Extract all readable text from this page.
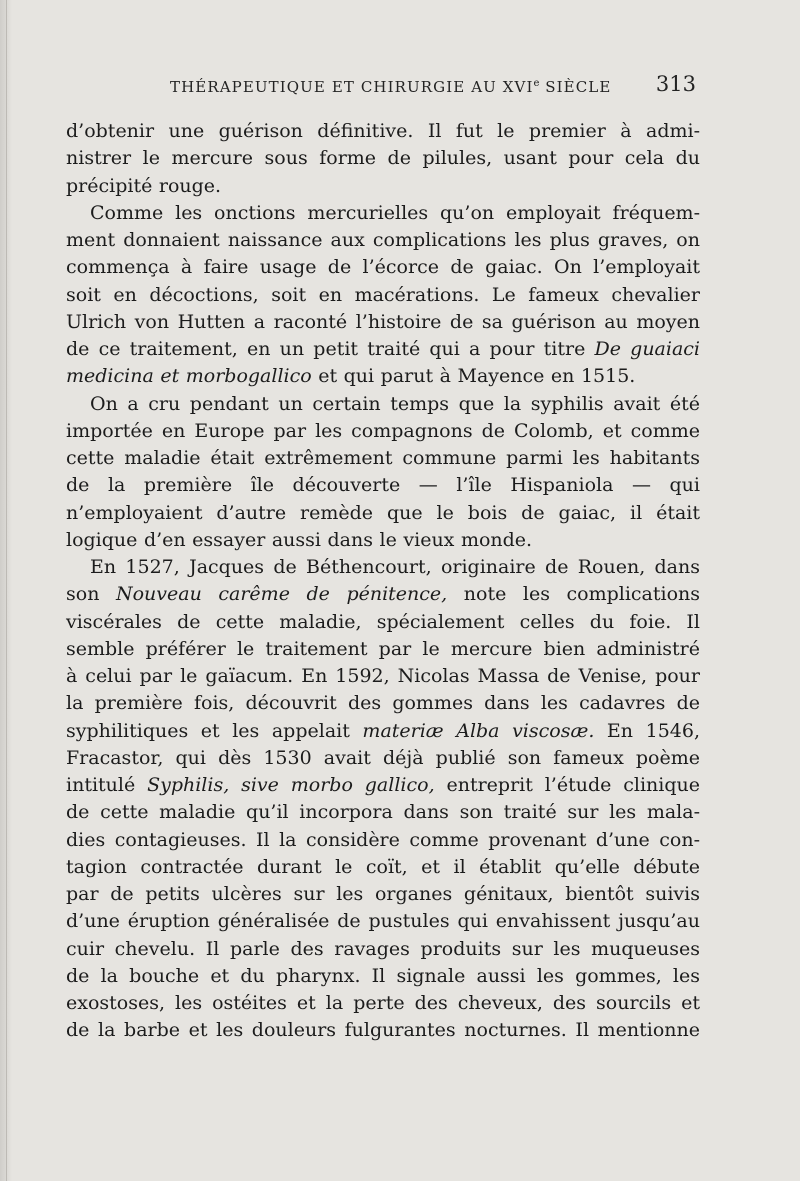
THÉRAPEUTIQUE ET CHIRURGIE AU XVIe SIÈCLE 313
d’obtenir une guérison définitive. Il fut le premier à admi-
nistrer le mercure sous forme de pilules, usant pour cela du
précipité rouge.
Comme les onctions mercurielles qu’on employait fréquem-
ment donnaient naissance aux complications les plus graves, on
commença à faire usage de l’écorce de gaiac. On l’employait
soit en décoctions, soit en macérations. Le fameux chevalier
Ulrich von Hutten a raconté l’histoire de sa guérison au moyen
de ce traitement, en un petit traité qui a pour titre De guaiaci
medicina et morbogallico et qui parut à Mayence en 1515.
On a cru pendant un certain temps que la syphilis avait été
importée en Europe par les compagnons de Colomb, et comme
cette maladie était extrêmement commune parmi les habitants
de la première île découverte — l’île Hispaniola — qui
n’employaient d’autre remède que le bois de gaiac, il était
logique d’en essayer aussi dans le vieux monde.
En 1527, Jacques de Béthencourt, originaire de Rouen, dans
son Nouveau carême de pénitence, note les complications
viscérales de cette maladie, spécialement celles du foie. Il
semble préférer le traitement par le mercure bien administré
à celui par le gaïacum. En 1592, Nicolas Massa de Venise, pour
la première fois, découvrit des gommes dans les cadavres de
syphilitiques et les appelait materiæ Alba viscosæ. En 1546,
Fracastor, qui dès 1530 avait déjà publié son fameux poème
intitulé Syphilis, sive morbo gallico, entreprit l’étude clinique
de cette maladie qu’il incorpora dans son traité sur les mala-
dies contagieuses. Il la considère comme provenant d’une con-
tagion contractée durant le coït, et il établit qu’elle débute
par de petits ulcères sur les organes génitaux, bientôt suivis
d’une éruption généralisée de pustules qui envahissent jusqu’au
cuir chevelu. Il parle des ravages produits sur les muqueuses
de la bouche et du pharynx. Il signale aussi les gommes, les
exostoses, les ostéites et la perte des cheveux, des sourcils et
de la barbe et les douleurs fulgurantes nocturnes. Il mentionne
